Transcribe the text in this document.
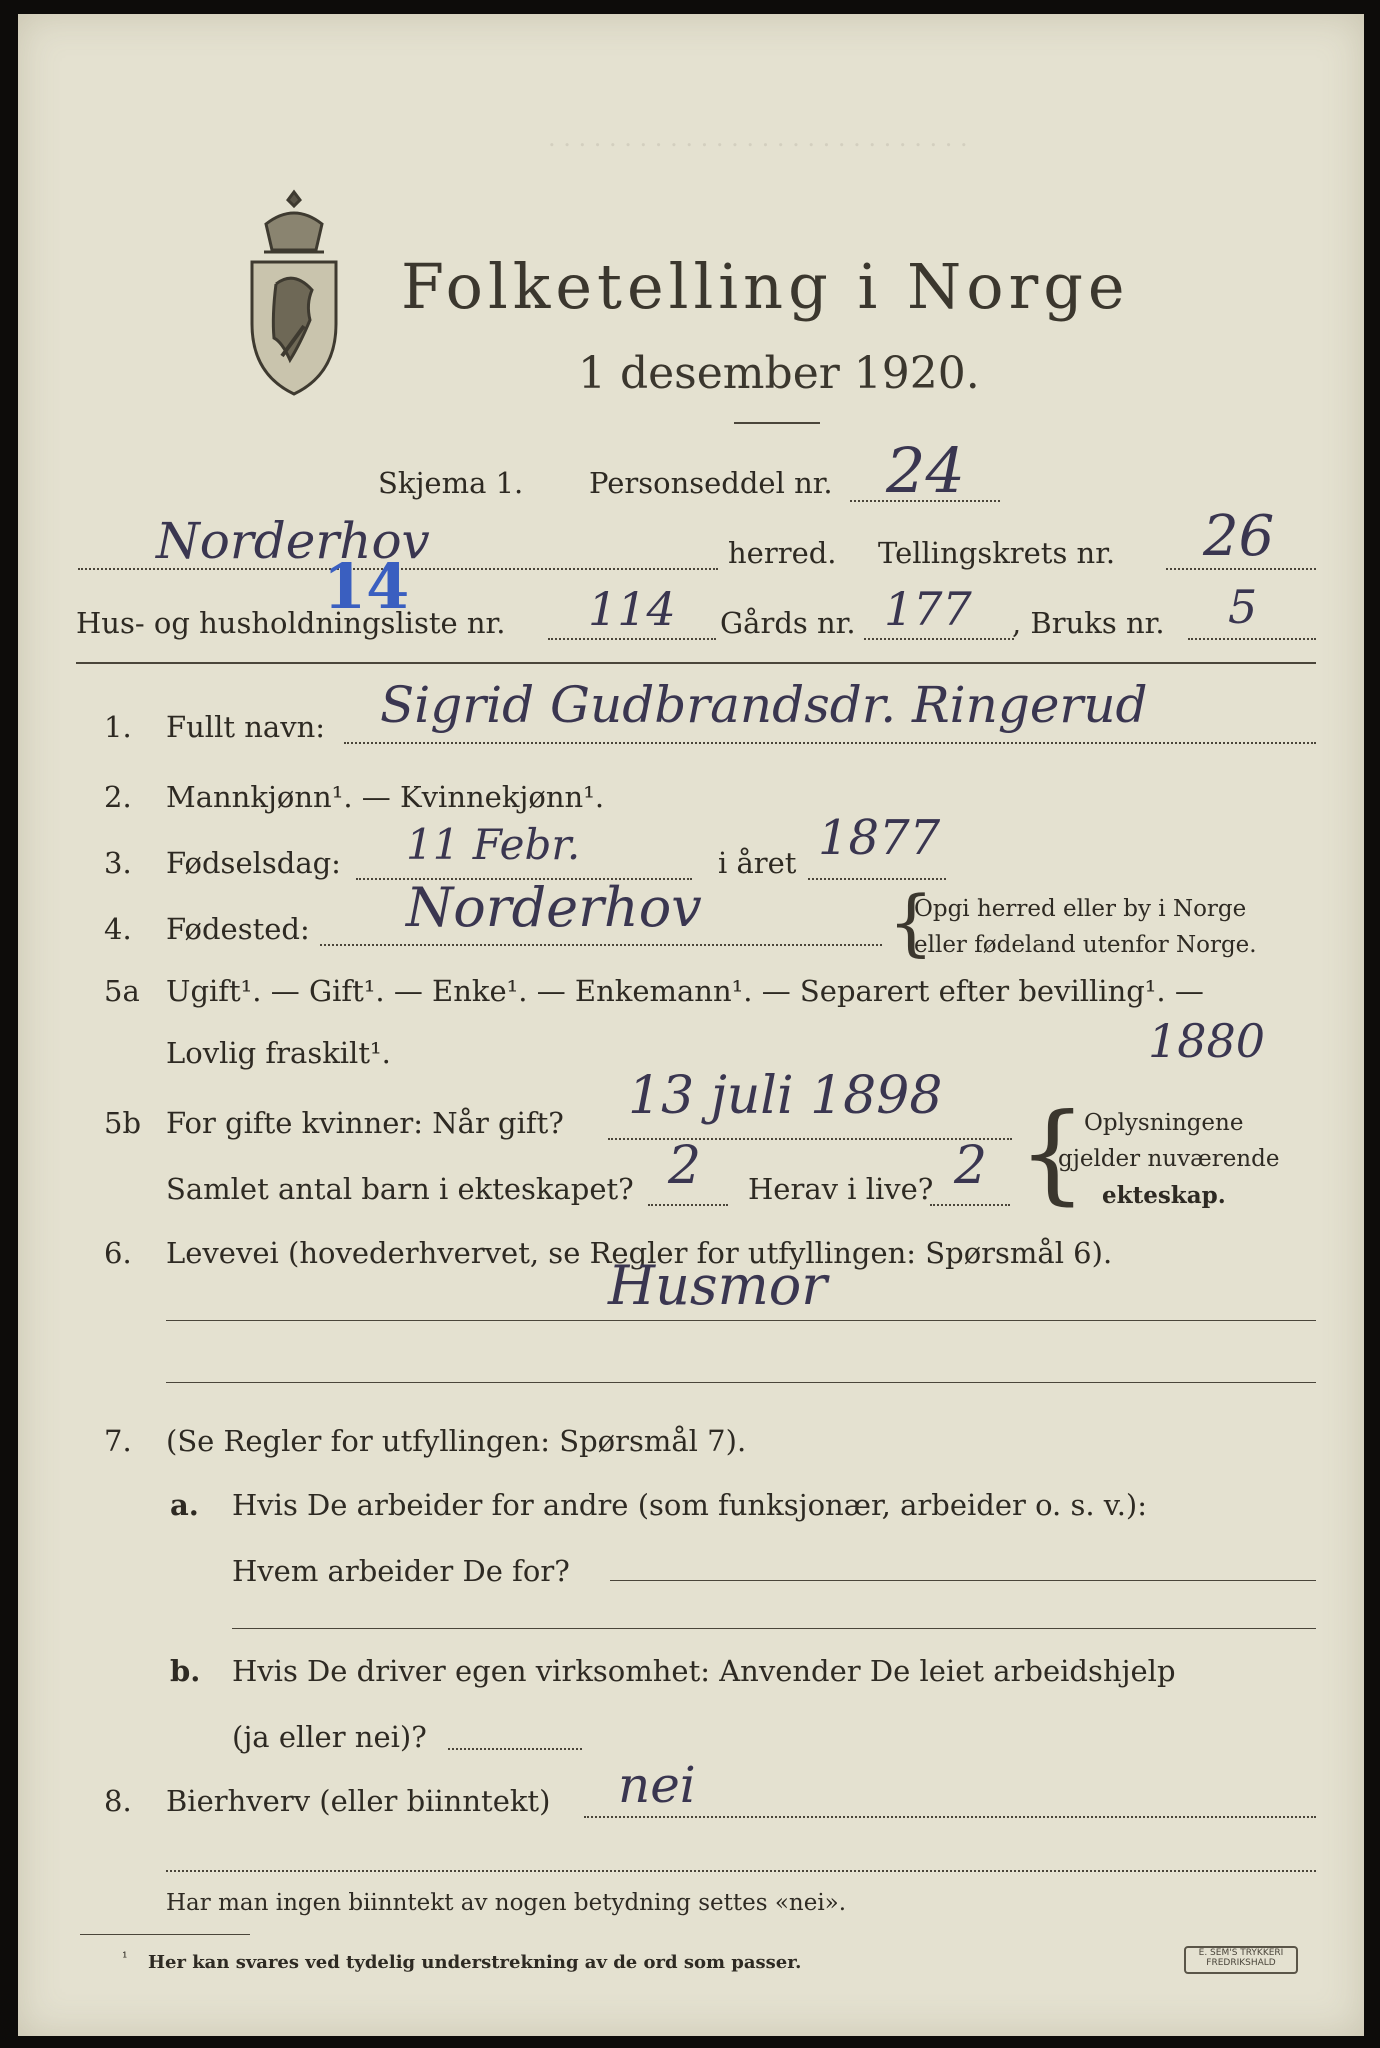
. . . . . . . . . . . . . . . . . . . . . . . . . . . .
Folketelling i Norge
1 desember 1920.
Skjema 1. Personseddel nr. 24
Norderhov	herred. Tellingskrets nr. 26
Hus- og husholdningsliste nr. 114
14	Gårds nr. 177 , Bruks nr. 5
1. Fullt navn: Sigrid Gudbrandsdr. Ringerud
2. Mannkjønn¹. — Kvinnekjønn¹.
3. Fødselsdag: 11 Febr.	i året 1877
4. Fødested: Norderhov	{
Opgi herred eller by i Norge
eller fødeland utenfor Norge.
5a Ugift¹. — Gift¹. — Enke¹. — Enkemann¹. — Separert efter bevilling¹. —
Lovlig fraskilt¹.	1880
5b For gifte kvinner: Når gift? 13 juli 1898
Samlet antal barn i ekteskapet? 2 Herav i live? 2 {
Oplysningene
gjelder nuværende
ekteskap.
6. Levevei (hovederhvervet, se Regler for utfyllingen: Spørsmål 6).
Husmor
7. (Se Regler for utfyllingen: Spørsmål 7).
a. Hvis De arbeider for andre (som funksjonær, arbeider o. s. v.):
Hvem arbeider De for?
b. Hvis De driver egen virksomhet: Anvender De leiet arbeidshjelp
(ja eller nei)?
8. Bierhverv (eller biinntekt) nei
Har man ingen biinntekt av nogen betydning settes «nei».
¹ Her kan svares ved tydelig understrekning av de ord som passer.	E. SEM'S TRYKKERI
FREDRIKSHALD
